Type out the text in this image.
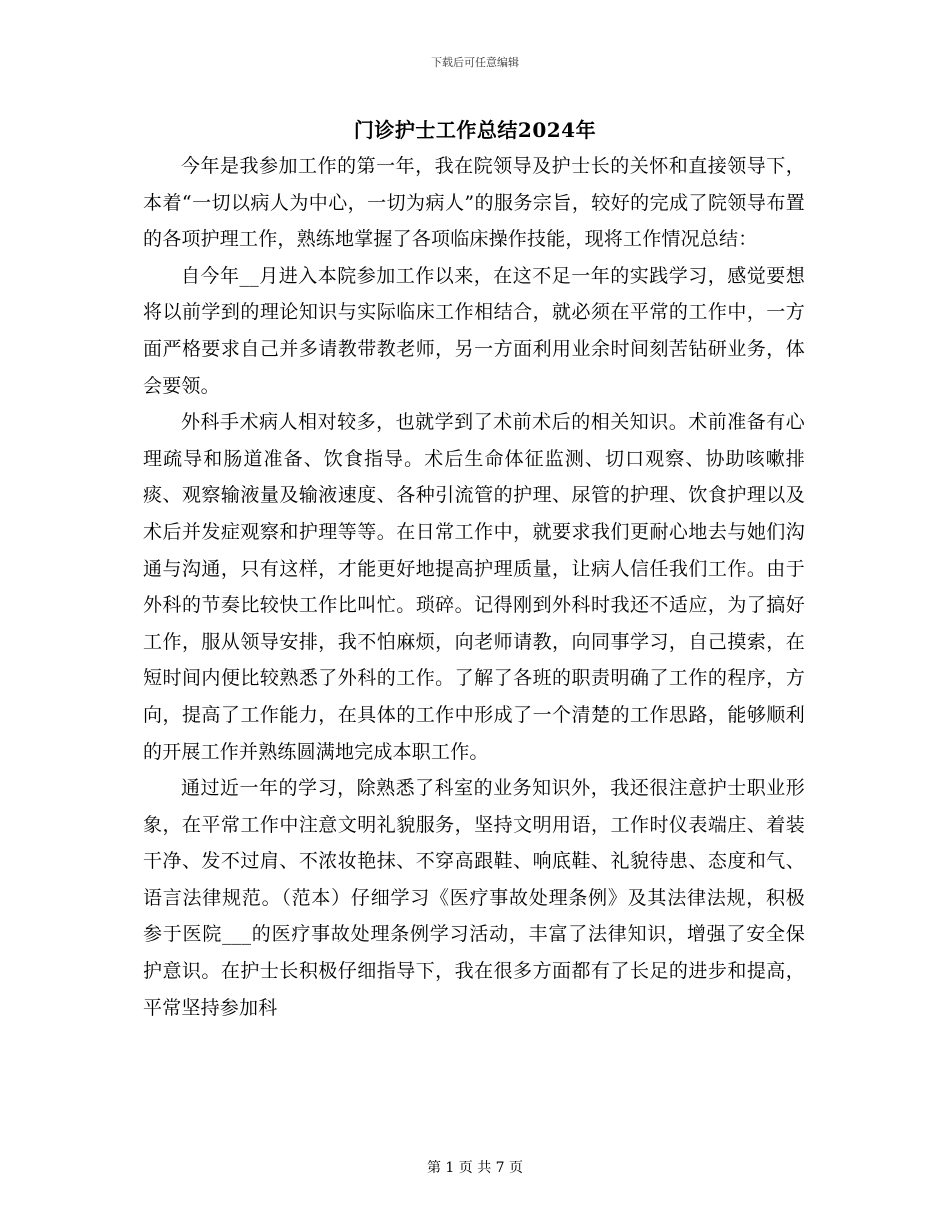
下载后可任意编辑
门诊护士工作总结2024年

今年是我参加工作的第一年，我在院领导及护士长的关怀和直接领导下，本着“一切以病人为中心，一切为病人”的服务宗旨，较好的完成了院领导布置的各项护理工作，熟练地掌握了各项临床操作技能，现将工作情况总结：

自今年__月进入本院参加工作以来，在这不足一年的实践学习，感觉要想将以前学到的理论知识与实际临床工作相结合，就必须在平常的工作中，一方面严格要求自己并多请教带教老师，另一方面利用业余时间刻苦钻研业务，体会要领。

外科手术病人相对较多，也就学到了术前术后的相关知识。术前准备有心理疏导和肠道准备、饮食指导。术后生命体征监测、切口观察、协助咳嗽排痰、观察输液量及输液速度、各种引流管的护理、尿管的护理、饮食护理以及术后并发症观察和护理等等。在日常工作中，就要求我们更耐心地去与她们沟通与沟通，只有这样，才能更好地提高护理质量，让病人信任我们工作。由于外科的节奏比较快工作比叫忙。琐碎。记得刚到外科时我还不适应，为了搞好工作，服从领导安排，我不怕麻烦，向老师请教，向同事学习，自己摸索，在短时间内便比较熟悉了外科的工作。了解了各班的职责明确了工作的程序，方向，提高了工作能力，在具体的工作中形成了一个清楚的工作思路，能够顺利的开展工作并熟练圆满地完成本职工作。

通过近一年的学习，除熟悉了科室的业务知识外，我还很注意护士职业形象，在平常工作中注意文明礼貌服务，坚持文明用语，工作时仪表端庄、着装干净、发不过肩、不浓妆艳抹、不穿高跟鞋、响底鞋、礼貌待患、态度和气、语言法律规范。（范本）仔细学习《医疗事故处理条例》及其法律法规，积极参于医院___的医疗事故处理条例学习活动，丰富了法律知识，增强了安全保护意识。在护士长积极仔细指导下，我在很多方面都有了长足的进步和提高，平常坚持参加科

第 1 页 共 7 页
